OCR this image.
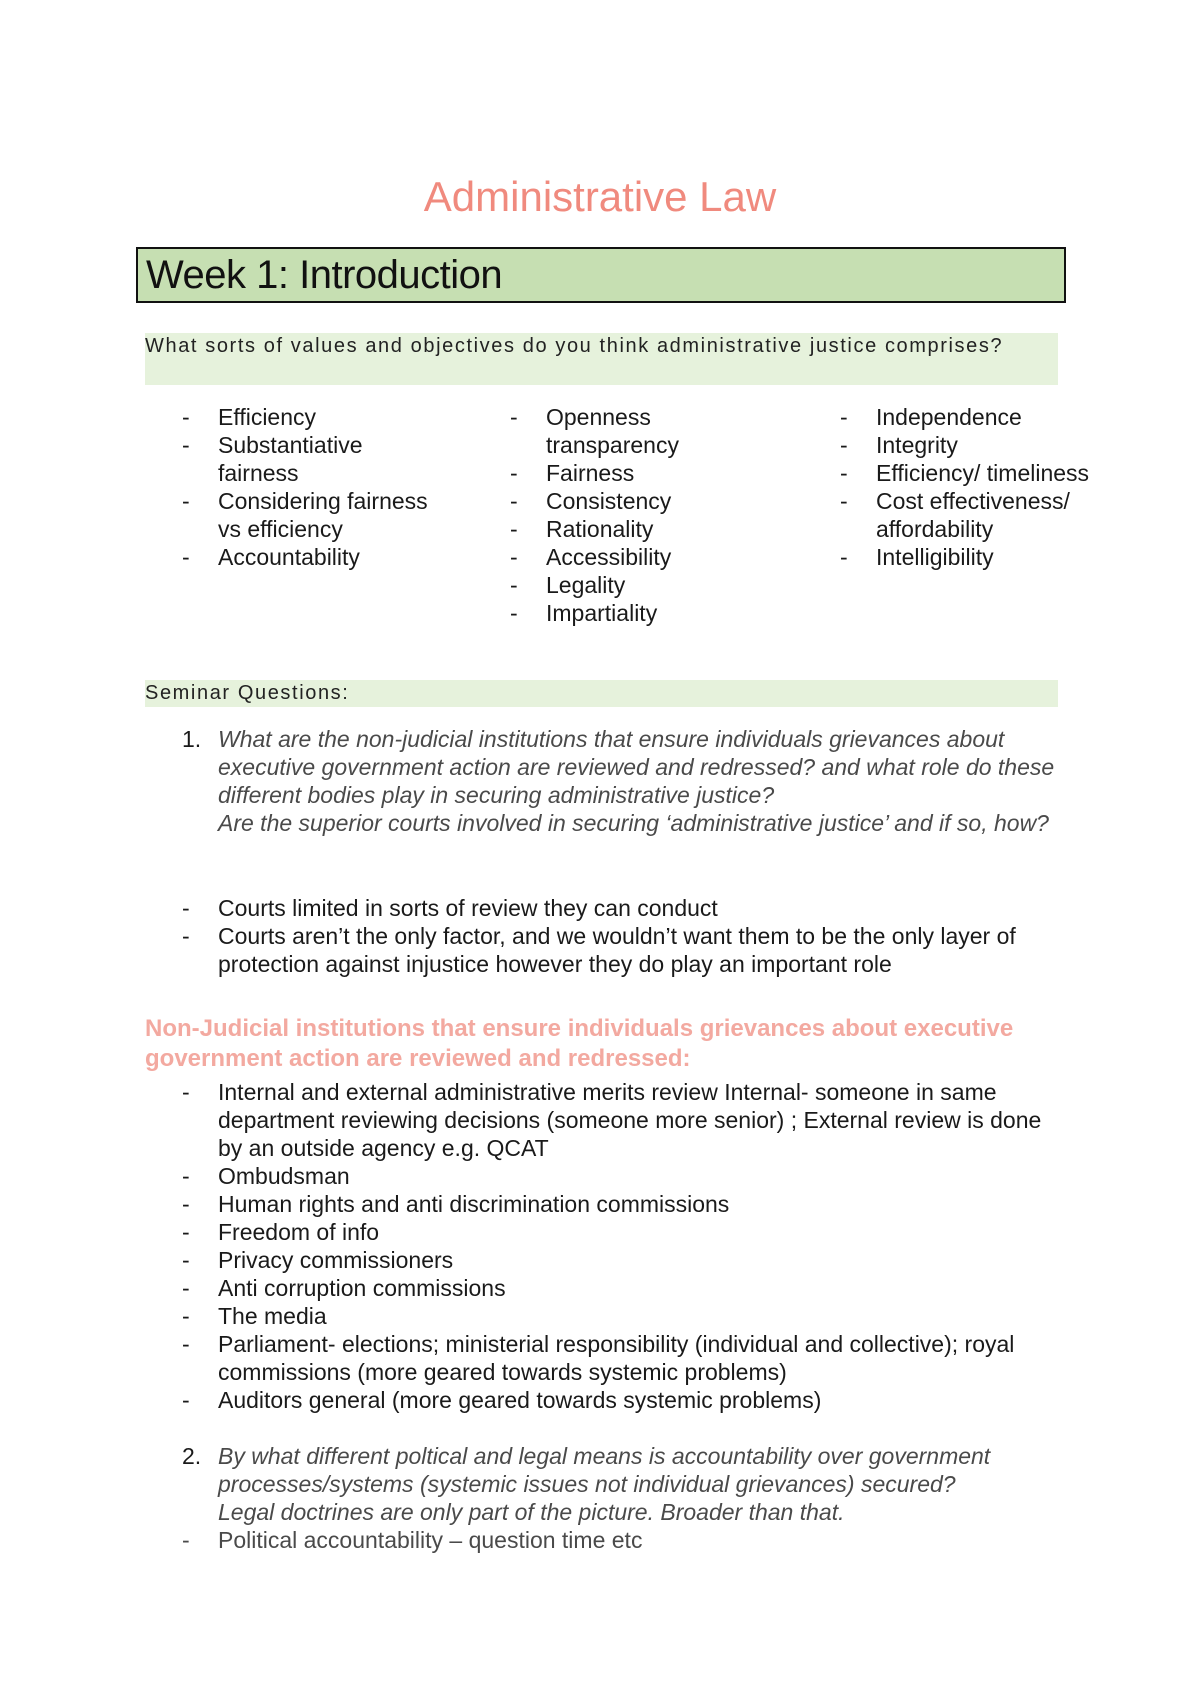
Administrative Law
Week 1: Introduction
What sorts of values and objectives do you think administrative justice comprises?
- Efficiency
- Substantiative fairness
- Considering fairness vs efficiency
- Accountability
- Openness transparency
- Fairness
- Consistency
- Rationality
- Accessibility
- Legality
- Impartiality
- Independence
- Integrity
- Efficiency/ timeliness
- Cost effectiveness/ affordability
- Intelligibility
Seminar Questions:
1. What are the non-judicial institutions that ensure individuals grievances about executive government action are reviewed and redressed? and what role do these different bodies play in securing administrative justice?
Are the superior courts involved in securing ‘administrative justice’ and if so, how?
- Courts limited in sorts of review they can conduct
- Courts aren’t the only factor, and we wouldn’t want them to be the only layer of protection against injustice however they do play an important role
Non-Judicial institutions that ensure individuals grievances about executive government action are reviewed and redressed:
- Internal and external administrative merits review Internal- someone in same department reviewing decisions (someone more senior) ; External review is done by an outside agency e.g. QCAT
- Ombudsman
- Human rights and anti discrimination commissions
- Freedom of info
- Privacy commissioners
- Anti corruption commissions
- The media
- Parliament- elections; ministerial responsibility (individual and collective); royal commissions (more geared towards systemic problems)
- Auditors general (more geared towards systemic problems)
2. By what different poltical and legal means is accountability over government processes/systems (systemic issues not individual grievances) secured?
Legal doctrines are only part of the picture. Broader than that.
- Political accountability – question time etc
